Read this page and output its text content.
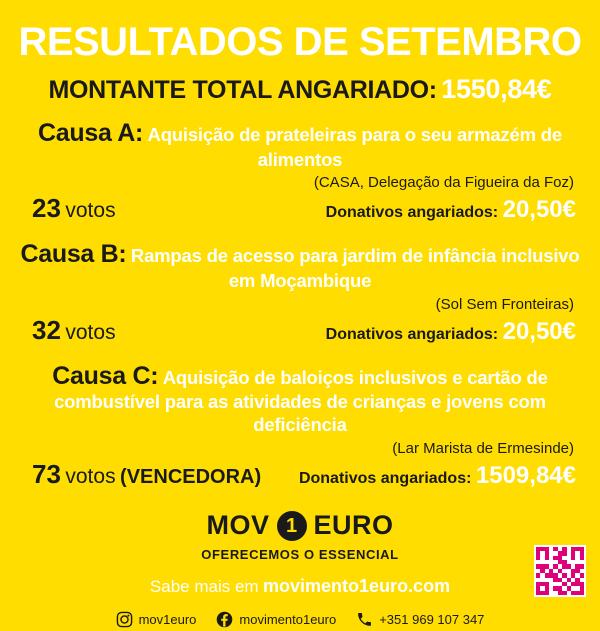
RESULTADOS DE SETEMBRO
MONTANTE TOTAL ANGARIADO: 1550,84€
Causa A: Aquisição de prateleiras para o seu armazém de alimentos
(CASA, Delegação da Figueira da Foz)
23 votos	Donativos angariados: 20,50€
Causa B: Rampas de acesso para jardim de infância inclusivo em Moçambique
(Sol Sem Fronteiras)
32 votos	Donativos angariados: 20,50€
Causa C: Aquisição de baloiços inclusivos e cartão de combustível para as atividades de crianças e jovens com deficiência
(Lar Marista de Ermesinde)
73 votos (VENCEDORA) Donativos angariados: 1509,84€
MOV 1 EURO
OFERECEMOS O ESSENCIAL
Sabe mais em movimento1euro.com
mov1euro	movimento1euro	+351 969 107 347
